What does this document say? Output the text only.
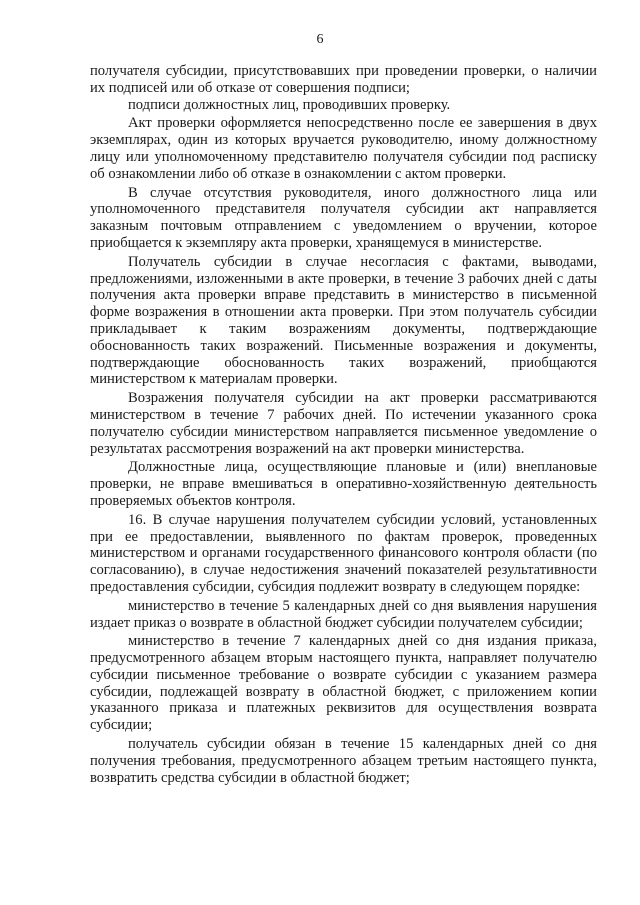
6

получателя субсидии, присутствовавших при проведении проверки, о наличии их подписей или об отказе от совершения подписи;

подписи должностных лиц, проводивших проверку.

Акт проверки оформляется непосредственно после ее завершения в двух экземплярах, один из которых вручается руководителю, иному должностному лицу или уполномоченному представителю получателя субсидии под расписку об ознакомлении либо об отказе в ознакомлении с актом проверки.

В случае отсутствия руководителя, иного должностного лица или уполномоченного представителя получателя субсидии акт направляется заказным почтовым отправлением с уведомлением о вручении, которое приобщается к экземпляру акта проверки, хранящемуся в министерстве.

Получатель субсидии в случае несогласия с фактами, выводами, предложениями, изложенными в акте проверки, в течение 3 рабочих дней с даты получения акта проверки вправе представить в министерство в письменной форме возражения в отношении акта проверки. При этом получатель субсидии прикладывает к таким возражениям документы, подтверждающие обоснованность таких возражений. Письменные возражения и документы, подтверждающие обоснованность таких возражений, приобщаются министерством к материалам проверки.

Возражения получателя субсидии на акт проверки рассматриваются министерством в течение 7 рабочих дней. По истечении указанного срока получателю субсидии министерством направляется письменное уведомление о результатах рассмотрения возражений на акт проверки министерства.

Должностные лица, осуществляющие плановые и (или) внеплановые проверки, не вправе вмешиваться в оперативно-хозяйственную деятельность проверяемых объектов контроля.

16. В случае нарушения получателем субсидии условий, установленных при ее предоставлении, выявленного по фактам проверок, проведенных министерством и органами государственного финансового контроля области (по согласованию), в случае недостижения значений показателей результативности предоставления субсидии, субсидия подлежит возврату в следующем порядке:

министерство в течение 5 календарных дней со дня выявления нарушения издает приказ о возврате в областной бюджет субсидии получателем субсидии;

министерство в течение 7 календарных дней со дня издания приказа, предусмотренного абзацем вторым настоящего пункта, направляет получателю субсидии письменное требование о возврате субсидии с указанием размера субсидии, подлежащей возврату в областной бюджет, с приложением копии указанного приказа и платежных реквизитов для осуществления возврата субсидии;

получатель субсидии обязан в течение 15 календарных дней со дня получения требования, предусмотренного абзацем третьим настоящего пункта, возвратить средства субсидии в областной бюджет;
